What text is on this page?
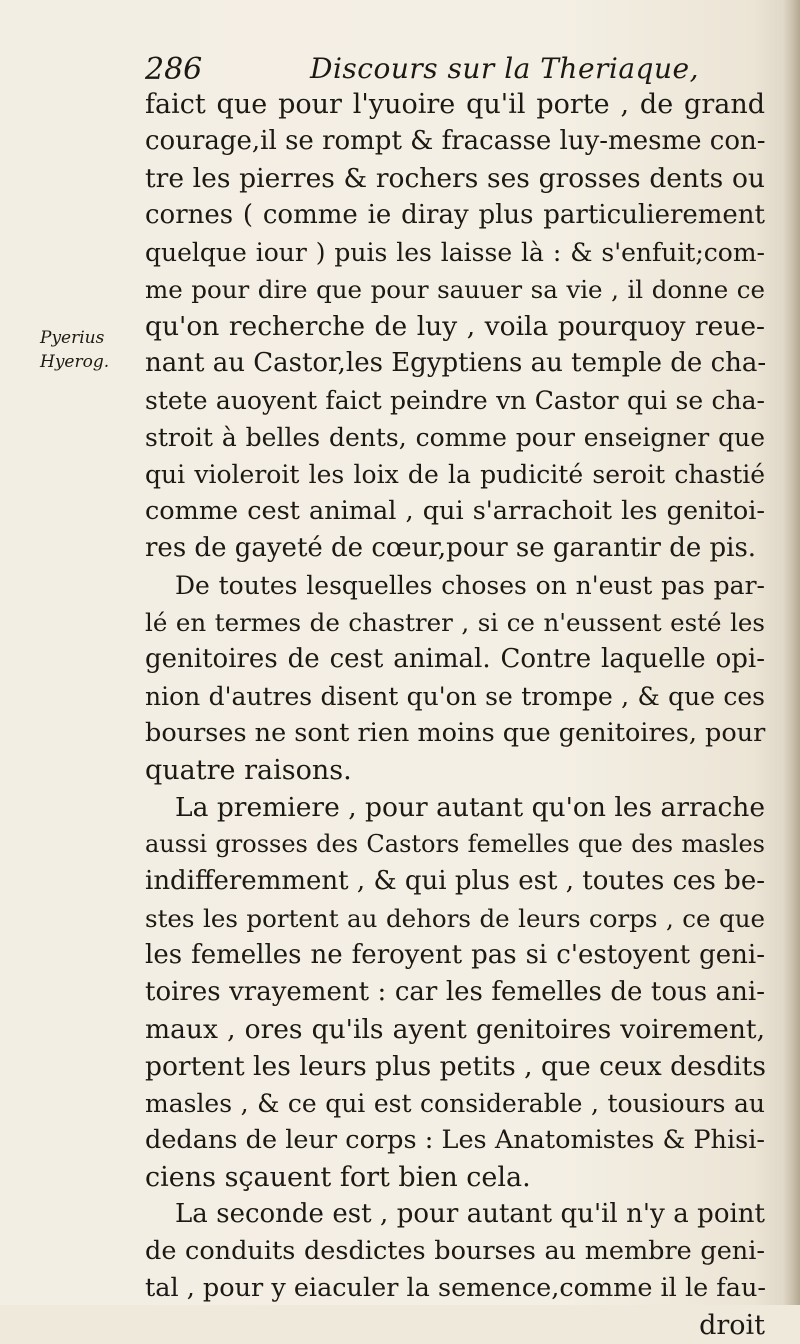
286	Discours sur la Theriaque,
Pyerius
Hyerog.
faict que pour l'yuoire qu'il porte , de grand
courage,il se rompt & fracasse luy-mesme con-
tre les pierres & rochers ses grosses dents ou
cornes ( comme ie diray plus particulierement
quelque iour ) puis les laisse là : & s'enfuit;com-
me pour dire que pour sauuer sa vie , il donne ce
qu'on recherche de luy , voila pourquoy reue-
nant au Castor,les Egyptiens au temple de cha-
stete auoyent faict peindre vn Castor qui se cha-
stroit à belles dents, comme pour enseigner que
qui violeroit les loix de la pudicité seroit chastié
comme cest animal , qui s'arrachoit les genitoi-
res de gayeté de cœur,pour se garantir de pis.
De toutes lesquelles choses on n'eust pas par-
lé en termes de chastrer , si ce n'eussent esté les
genitoires de cest animal. Contre laquelle opi-
nion d'autres disent qu'on se trompe , & que ces
bourses ne sont rien moins que genitoires, pour
quatre raisons.
La premiere , pour autant qu'on les arrache
aussi grosses des Castors femelles que des masles
indifferemment , & qui plus est , toutes ces be-
stes les portent au dehors de leurs corps , ce que
les femelles ne feroyent pas si c'estoyent geni-
toires vrayement : car les femelles de tous ani-
maux , ores qu'ils ayent genitoires voirement,
portent les leurs plus petits , que ceux desdits
masles , & ce qui est considerable , tousiours au
dedans de leur corps : Les Anatomistes & Phisi-
ciens sçauent fort bien cela.
La seconde est , pour autant qu'il n'y a point
de conduits desdictes bourses au membre geni-
tal , pour y eiaculer la semence,comme il le fau-
droit
